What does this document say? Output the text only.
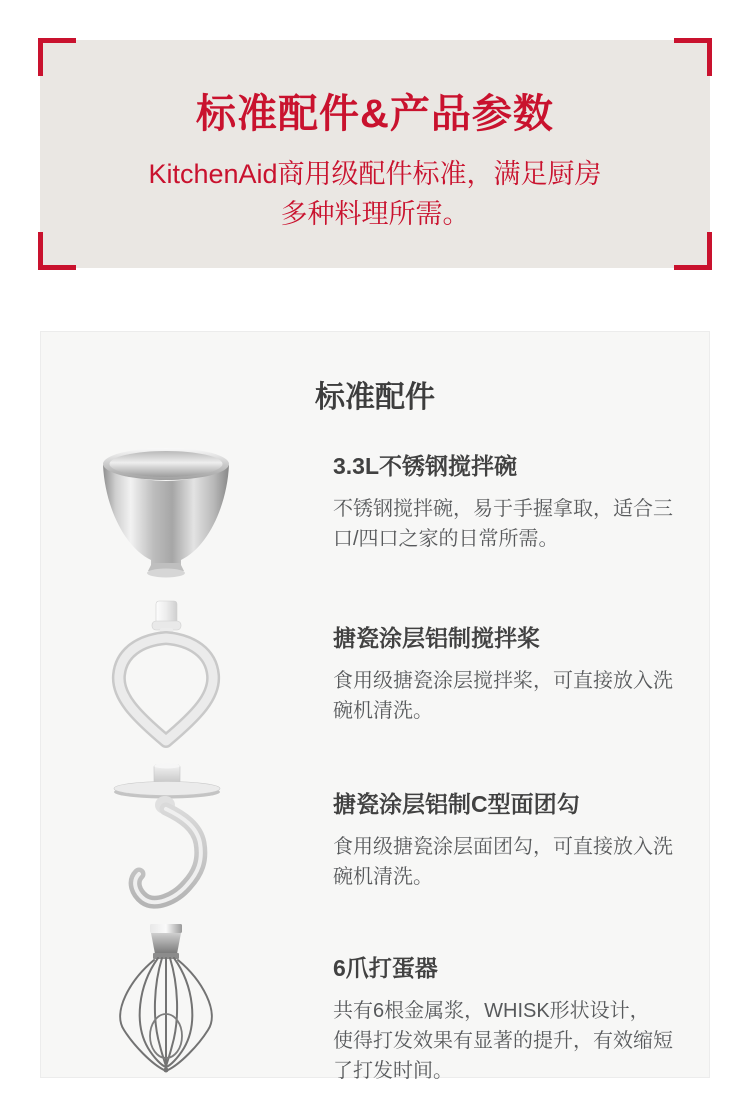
标准配件&产品参数
KitchenAid商用级配件标准，满足厨房
多种料理所需。
标准配件
3.3L不锈钢搅拌碗
不锈钢搅拌碗，易于手握拿取，适合三
口/四口之家的日常所需。
搪瓷涂层铝制搅拌桨
食用级搪瓷涂层搅拌桨，可直接放入洗
碗机清洗。
搪瓷涂层铝制C型面团勾
食用级搪瓷涂层面团勾，可直接放入洗
碗机清洗。
6爪打蛋器
共有6根金属浆，WHISK形状设计，
使得打发效果有显著的提升，有效缩短
了打发时间。
